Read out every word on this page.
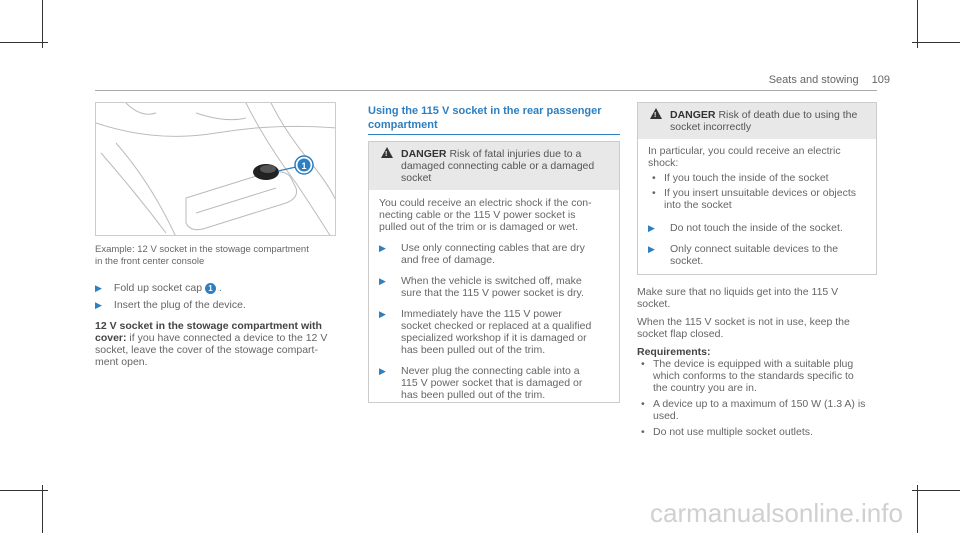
Seats and stowing 109
1
Example: 12 V socket in the stowage compartment
in the front center console
▶ Fold up socket cap 1 .
▶ Insert the plug of the device.
12 V socket in the stowage compartment with
cover: if you have connected a device to the 12 V
socket, leave the cover of the stowage compart-
ment open.
Using the 115 V socket in the rear passenger
compartment
!
DANGER Risk of fatal injuries due to a
damaged connecting cable or a damaged
socket
You could receive an electric shock if the con-
necting cable or the 115 V power socket is
pulled out of the trim or is damaged or wet.
▶	Use only connecting cables that are dry
and free of damage.
▶	When the vehicle is switched off, make
sure that the 115 V power socket is dry.
▶	Immediately have the 115 V power
socket checked or replaced at a qualified
specialized workshop if it is damaged or
has been pulled out of the trim.
▶	Never plug the connecting cable into a
115 V power socket that is damaged or
has been pulled out of the trim.
!
DANGER Risk of death due to using the
socket incorrectly
In particular, you could receive an electric
shock:
• If you touch the inside of the socket
• If you insert unsuitable devices or objects
into the socket
▶	Do not touch the inside of the socket.
▶	Only connect suitable devices to the
socket.

Make sure that no liquids get into the 115 V

socket.

When the 115 V socket is not in use, keep the

socket flap closed.

Requirements:

• The device is equipped with a suitable plug
which conforms to the standards specific to
the country you are in.
• A device up to a maximum of 150 W (1.3 A) is
used.
• Do not use multiple socket outlets.
carmanualsonline.info
